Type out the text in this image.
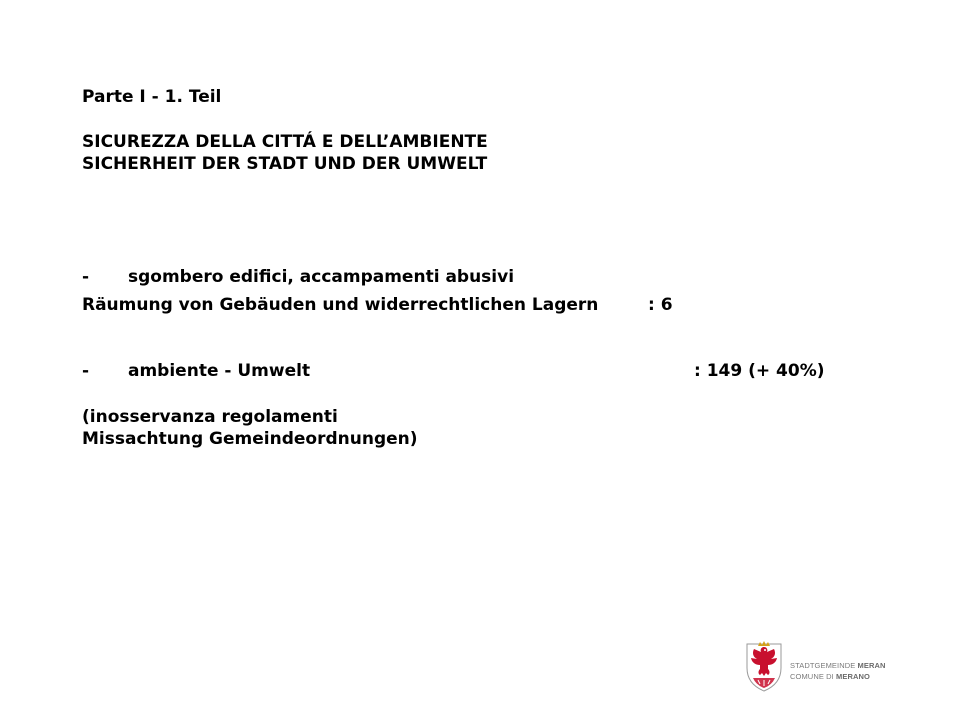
Parte I - 1. Teil
SICUREZZA DELLA CITTÁ E DELL’AMBIENTE
SICHERHEIT DER STADT UND DER UMWELT
- sgombero edifici, accampamenti abusivi
Räumung von Gebäuden und widerrechtlichen Lagern	: 6
- ambiente - Umwelt	: 149 (+ 40%)
(inosservanza regolamenti
Missachtung Gemeindeordnungen)
STADTGEMEINDE MERAN
COMUNE DI MERANO
